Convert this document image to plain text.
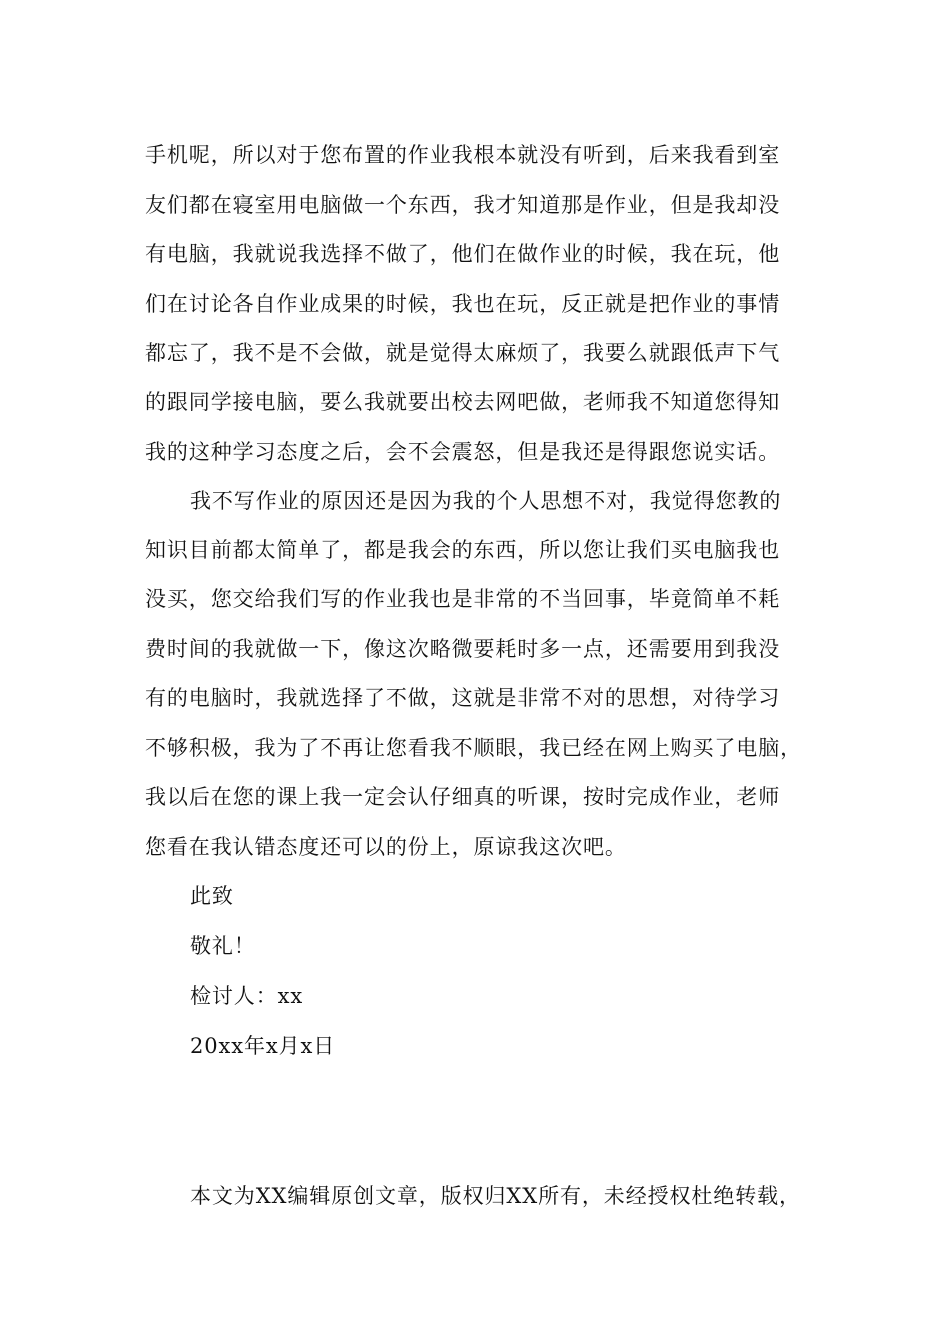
手机呢，所以对于您布置的作业我根本就没有听到，后来我看到室
友们都在寝室用电脑做一个东西，我才知道那是作业，但是我却没
有电脑，我就说我选择不做了，他们在做作业的时候，我在玩，他
们在讨论各自作业成果的时候，我也在玩，反正就是把作业的事情
都忘了，我不是不会做，就是觉得太麻烦了，我要么就跟低声下气
的跟同学接电脑，要么我就要出校去网吧做，老师我不知道您得知
我的这种学习态度之后，会不会震怒，但是我还是得跟您说实话。
我不写作业的原因还是因为我的个人思想不对，我觉得您教的
知识目前都太简单了，都是我会的东西，所以您让我们买电脑我也
没买，您交给我们写的作业我也是非常的不当回事，毕竟简单不耗
费时间的我就做一下，像这次略微要耗时多一点，还需要用到我没
有的电脑时，我就选择了不做，这就是非常不对的思想，对待学习
不够积极，我为了不再让您看我不顺眼，我已经在网上购买了电脑，
我以后在您的课上我一定会认仔细真的听课，按时完成作业，老师
您看在我认错态度还可以的份上，原谅我这次吧。
此致
敬礼！
检讨人：xx
20xx年x月x日
本文为XX编辑原创文章，版权归XX所有，未经授权杜绝转载，
